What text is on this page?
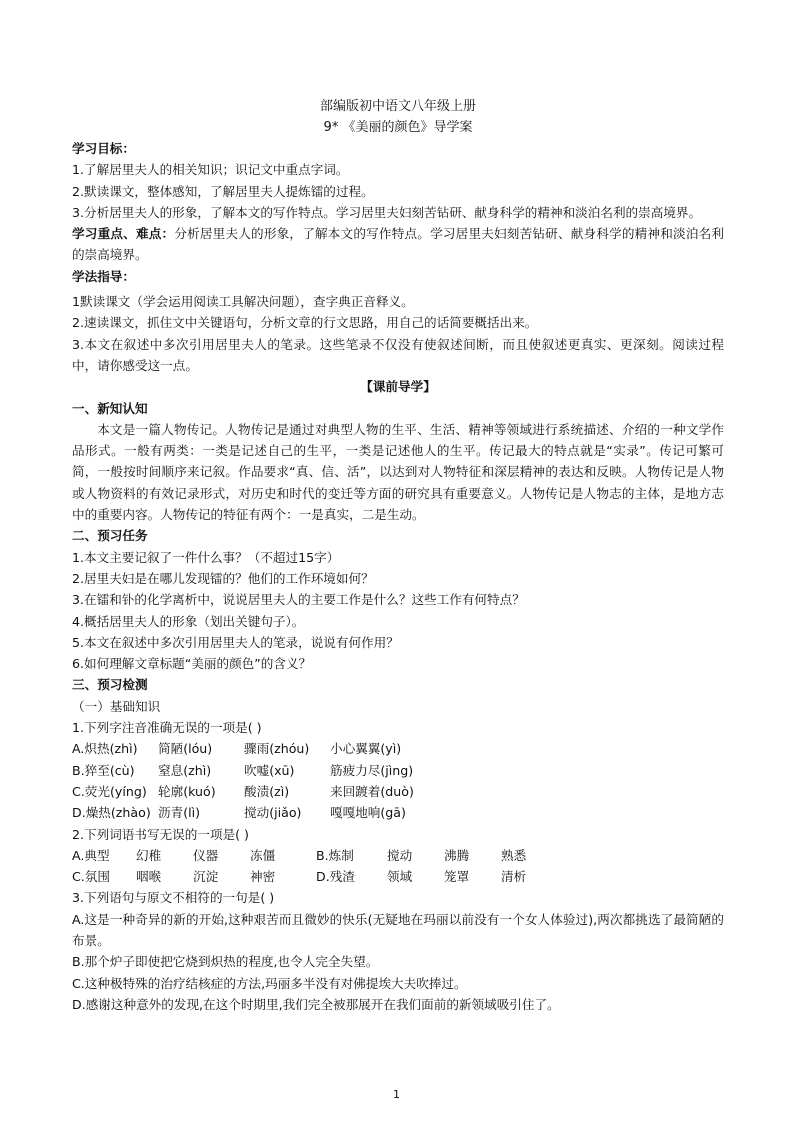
部编版初中语文八年级上册
9* 《美丽的颜色》导学案
学习目标：
1.了解居里夫人的相关知识；识记文中重点字词。
2.默读课文，整体感知，了解居里夫人提炼镭的过程。
3.分析居里夫人的形象，了解本文的写作特点。学习居里夫妇刻苦钻研、献身科学的精神和淡泊名利的崇高境界。
学习重点、难点：分析居里夫人的形象，了解本文的写作特点。学习居里夫妇刻苦钻研、献身科学的精神和淡泊名利的崇高境界。
学法指导：
1默读课文（学会运用阅读工具解决问题），查字典正音释义。
2.速读课文，抓住文中关键语句，分析文章的行文思路，用自己的话简要概括出来。
3.本文在叙述中多次引用居里夫人的笔录。这些笔录不仅没有使叙述间断，而且使叙述更真实、更深刻。阅读过程中，请你感受这一点。
【课前导学】
一、新知认知
本文是一篇人物传记。人物传记是通过对典型人物的生平、生活、精神等领域进行系统描述、介绍的一种文学作品形式。一般有两类：一类是记述自己的生平，一类是记述他人的生平。传记最大的特点就是“实录”。传记可繁可简，一般按时间顺序来记叙。作品要求“真、信、活”，以达到对人物特征和深层精神的表达和反映。人物传记是人物或人物资料的有效记录形式，对历史和时代的变迁等方面的研究具有重要意义。人物传记是人物志的主体，是地方志中的重要内容。人物传记的特征有两个：一是真实，二是生动。
二、预习任务
1.本文主要记叙了一件什么事？（不超过15字）
2.居里夫妇是在哪儿发现镭的？他们的工作环境如何？
3.在镭和钋的化学离析中，说说居里夫人的主要工作是什么？这些工作有何特点？
4.概括居里夫人的形象（划出关键句子）。
5.本文在叙述中多次引用居里夫人的笔录，说说有何作用？
6.如何理解文章标题“美丽的颜色”的含义？
三、预习检测
（一）基础知识
1.下列字注音准确无误的一项是( )
A.炽热(zhì)	简陋(lóu)	骤雨(zhóu)	小心翼翼(yì)
B.猝至(cù)	窒息(zhì)	吹嘘(xū)	筋疲力尽(jìng)
C.荧光(yíng) 轮廓(kuó)	酸渍(zì)	来回踱着(duò)
D.燥热(zhào) 沥青(lì)	搅动(jiǎo)	嘎嘎地响(gā)
2.下列词语书写无误的一项是( )
A.典型	幻稚	仪器	冻僵	B.炼制	搅动	沸腾	熟悉
C.氛围	咽喉	沉淀	神密	D.残渣	领域	笼罩	清析
3.下列语句与原文不相符的一句是( )
A.这是一种奇异的新的开始,这种艰苦而且微妙的快乐(无疑地在玛丽以前没有一个女人体验过),两次都挑选了最简陋的布景。
B.那个炉子即使把它烧到炽热的程度,也令人完全失望。
C.这种极特殊的治疗结核症的方法,玛丽多半没有对佛提埃大夫吹捧过。
D.感谢这种意外的发现,在这个时期里,我们完全被那展开在我们面前的新领域吸引住了。
1
